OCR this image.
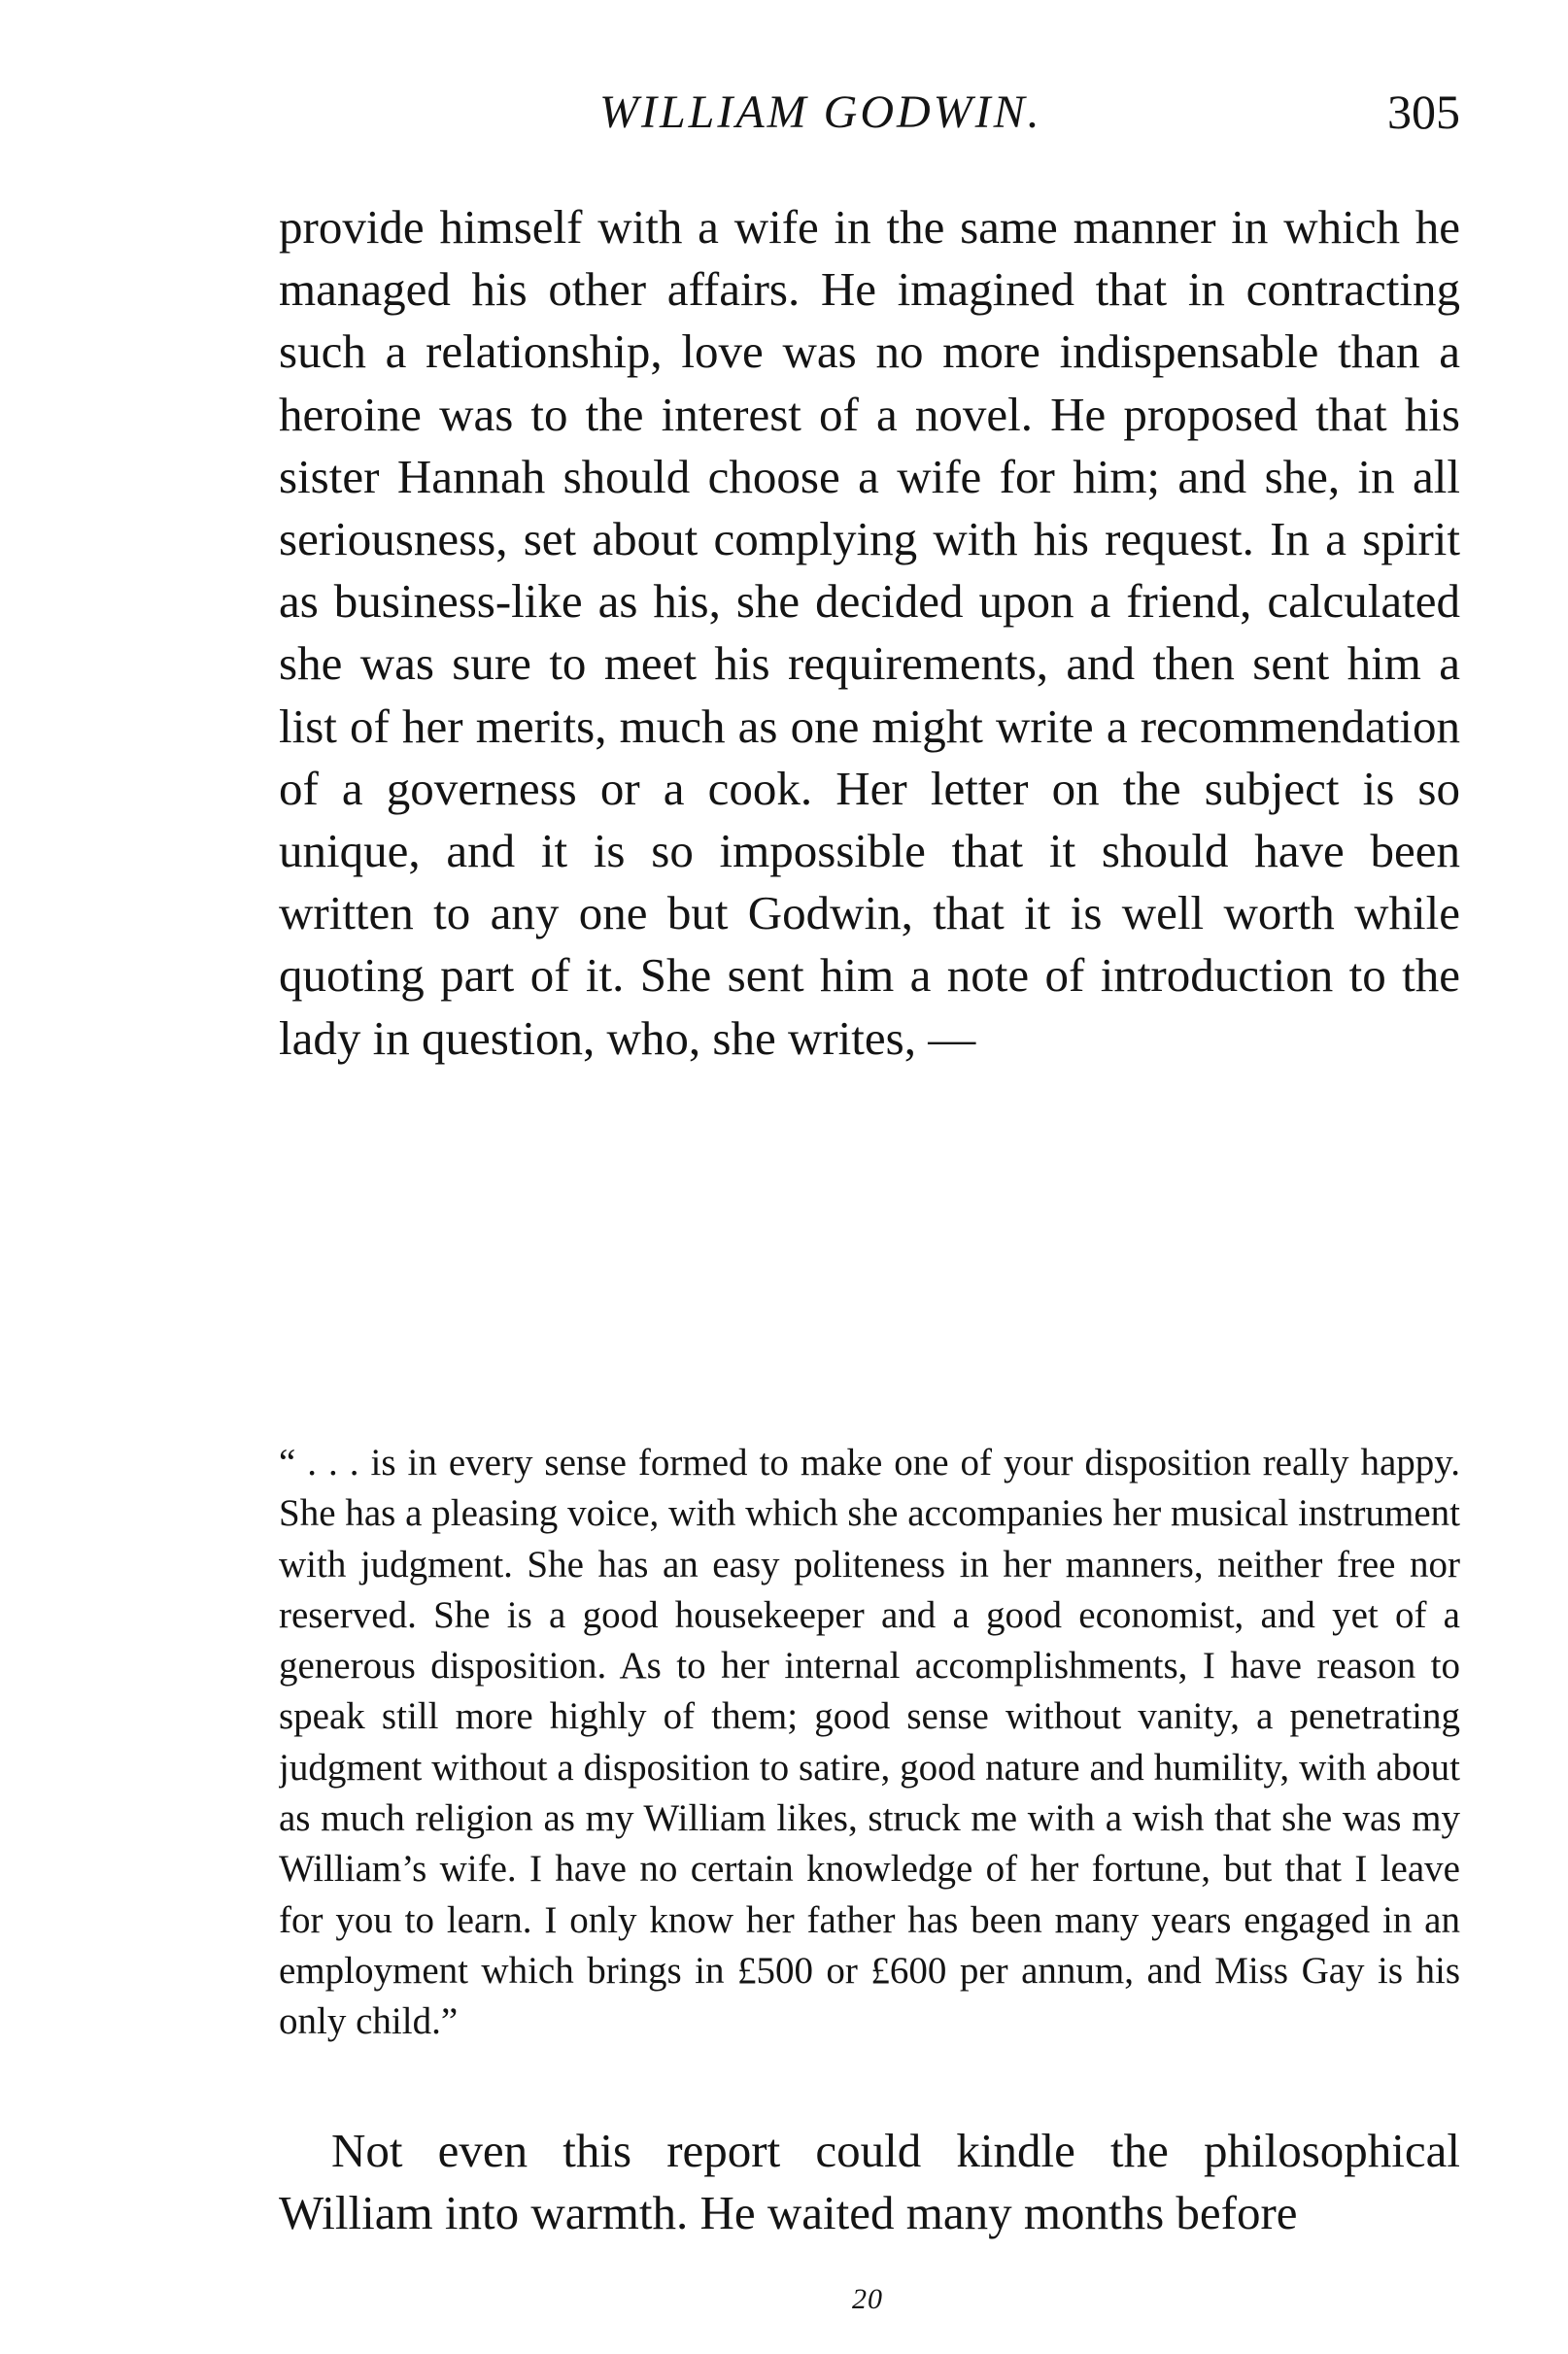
WILLIAM GODWIN.	305

provide himself with a wife in the same manner in which he managed his other affairs. He imagined that in contracting such a relationship, love was no more indispensable than a heroine was to the interest of a novel. He proposed that his sister Hannah should choose a wife for him; and she, in all seriousness, set about complying with his request. In a spirit as business-like as his, she decided upon a friend, calculated she was sure to meet his requirements, and then sent him a list of her merits, much as one might write a recommendation of a governess or a cook. Her letter on the subject is so unique, and it is so impossible that it should have been written to any one but Godwin, that it is well worth while quoting part of it. She sent him a note of introduction to the lady in question, who, she writes, —

“ . . . is in every sense formed to make one of your disposition really happy. She has a pleasing voice, with which she accompanies her musical instrument with judgment. She has an easy politeness in her manners, neither free nor reserved. She is a good housekeeper and a good economist, and yet of a generous disposition. As to her internal accomplishments, I have reason to speak still more highly of them; good sense without vanity, a penetrating judgment without a disposition to satire, good nature and humility, with about as much religion as my William likes, struck me with a wish that she was my William’s wife. I have no certain knowledge of her fortune, but that I leave for you to learn. I only know her father has been many years engaged in an employment which brings in £500 or £600 per annum, and Miss Gay is his only child.”

Not even this report could kindle the philosophical William into warmth. He waited many months before

20
